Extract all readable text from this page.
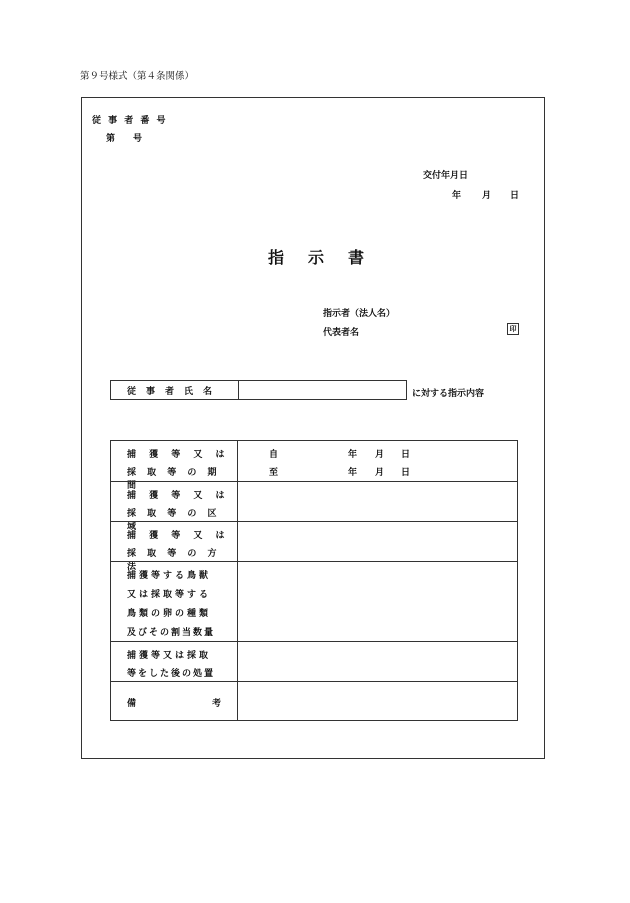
第９号様式（第４条関係）
従 事 者 番 号
第　　号
交付年月日
年 月 日
指示書
指示者（法人名）
代表者名	印
従事者氏名	に対する指示内容
捕 獲 等 又 は
採 取 等 の 期 間
自	年 月 日
至	年 月 日
捕 獲 等 又 は
採 取 等 の 区 域
捕 獲 等 又 は
採 取 等 の 方 法
捕獲等する鳥獣
又は採取等する
鳥類の卵の種類
及びその割当数量
捕獲等又は採取
等をした後の処置
備	考
